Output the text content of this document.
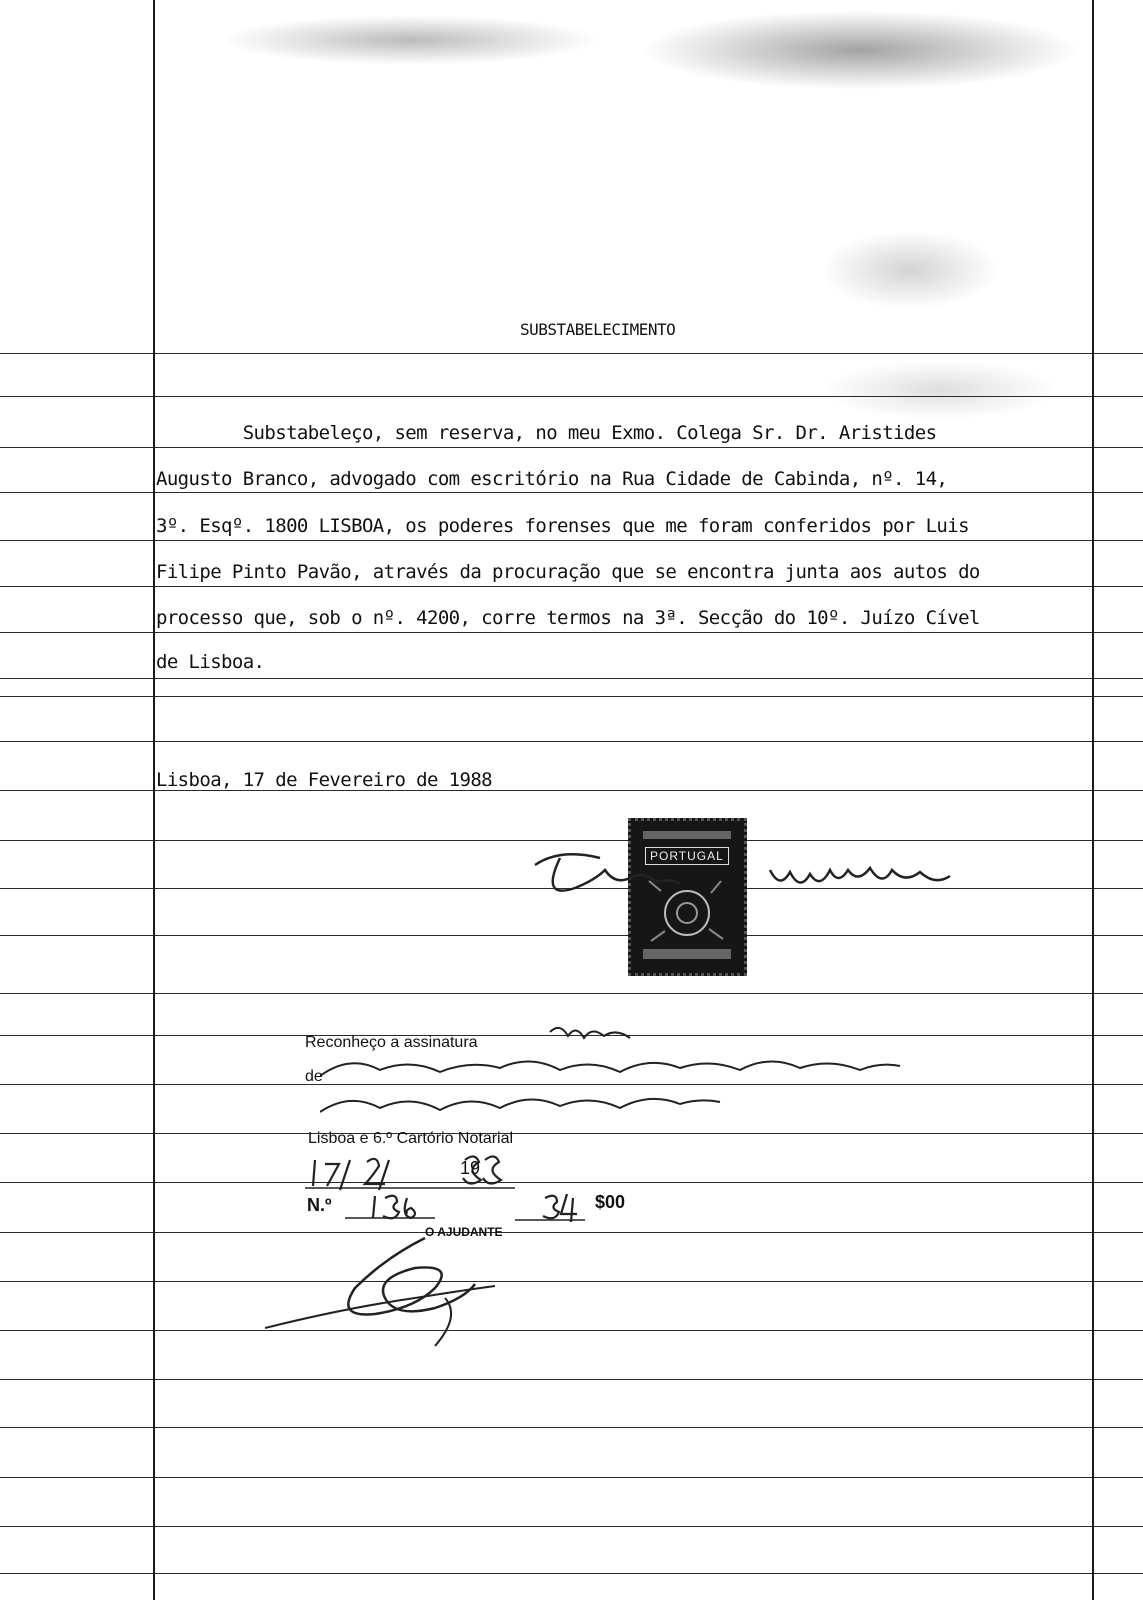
SUBSTABELECIMENTO
Substabeleço, sem reserva, no meu Exmo. Colega Sr. Dr. Aristides
Augusto Branco, advogado com escritório na Rua Cidade de Cabinda, nº. 14,
3º. Esqº. 1800 LISBOA, os poderes forenses que me foram conferidos por Luis
Filipe Pinto Pavão, através da procuração que se encontra junta aos autos do
processo que, sob o nº. 4200, corre termos na 3ª. Secção do 10º. Juízo Cível
de Lisboa.
Lisboa, 17 de Fevereiro de 1988
PORTUGAL
Reconheço a assinatura
de
Lisboa e 6.º Cartório Notarial
19
N.º	$00
O AJUDANTE
